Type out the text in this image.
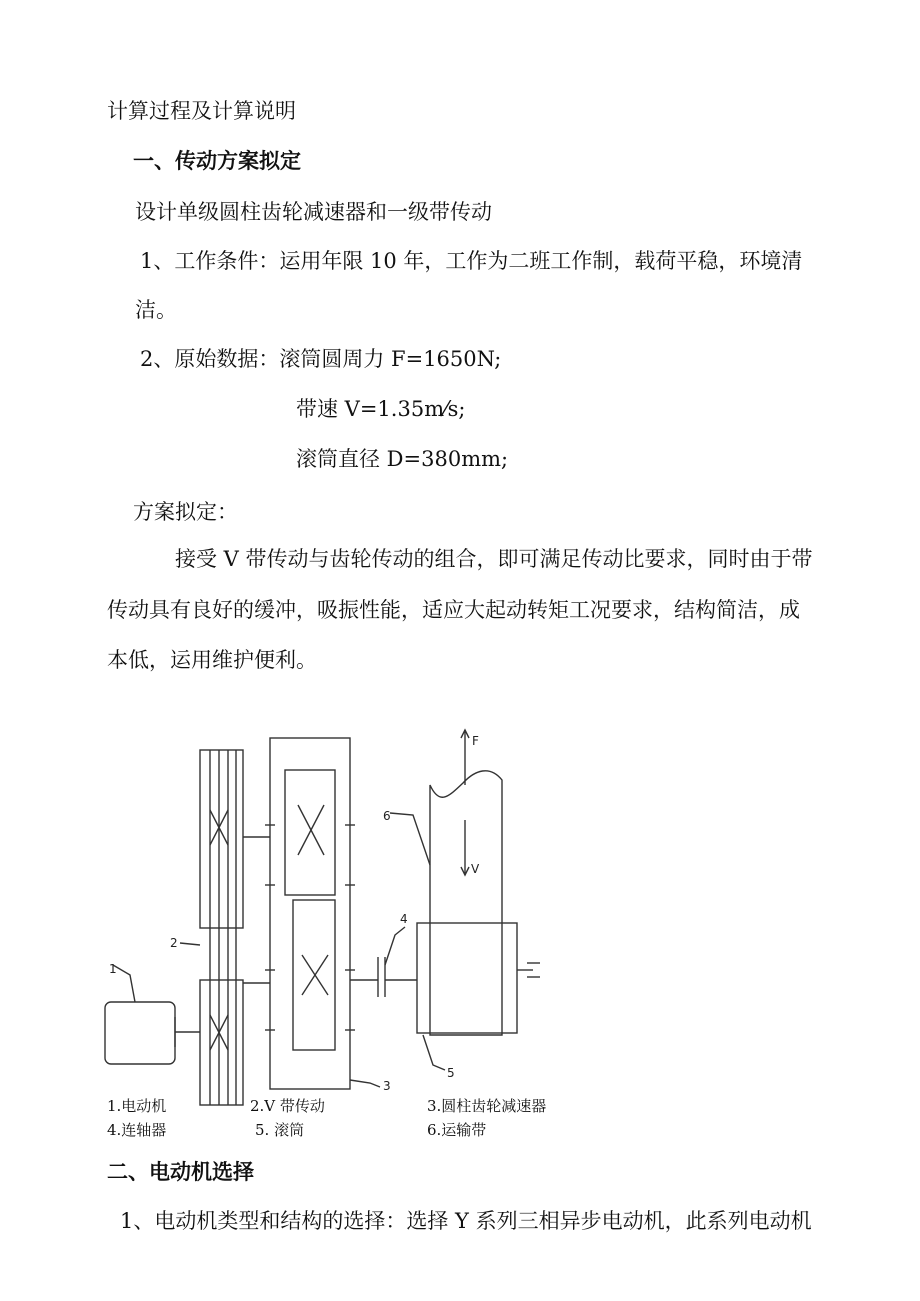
计算过程及计算说明
一、传动方案拟定
设计单级圆柱齿轮减速器和一级带传动
1、工作条件：运用年限 10 年，工作为二班工作制，载荷平稳，环境清
洁。
2、原始数据：滚筒圆周力 F=1650N;
带速 V=1.35m⁄s;
滚筒直径 D=380mm;
方案拟定：
接受 V 带传动与齿轮传动的组合，即可满足传动比要求，同时由于带
传动具有良好的缓冲，吸振性能，适应大起动转矩工况要求，结构简洁，成
本低，运用维护便利。
1
2
3
4
5
6
F
V
1.电动机	2.V 带传动	3.圆柱齿轮减速器
4.连轴器	5. 滚筒	6.运输带
二、电动机选择
1、电动机类型和结构的选择：选择 Y 系列三相异步电动机，此系列电动机
